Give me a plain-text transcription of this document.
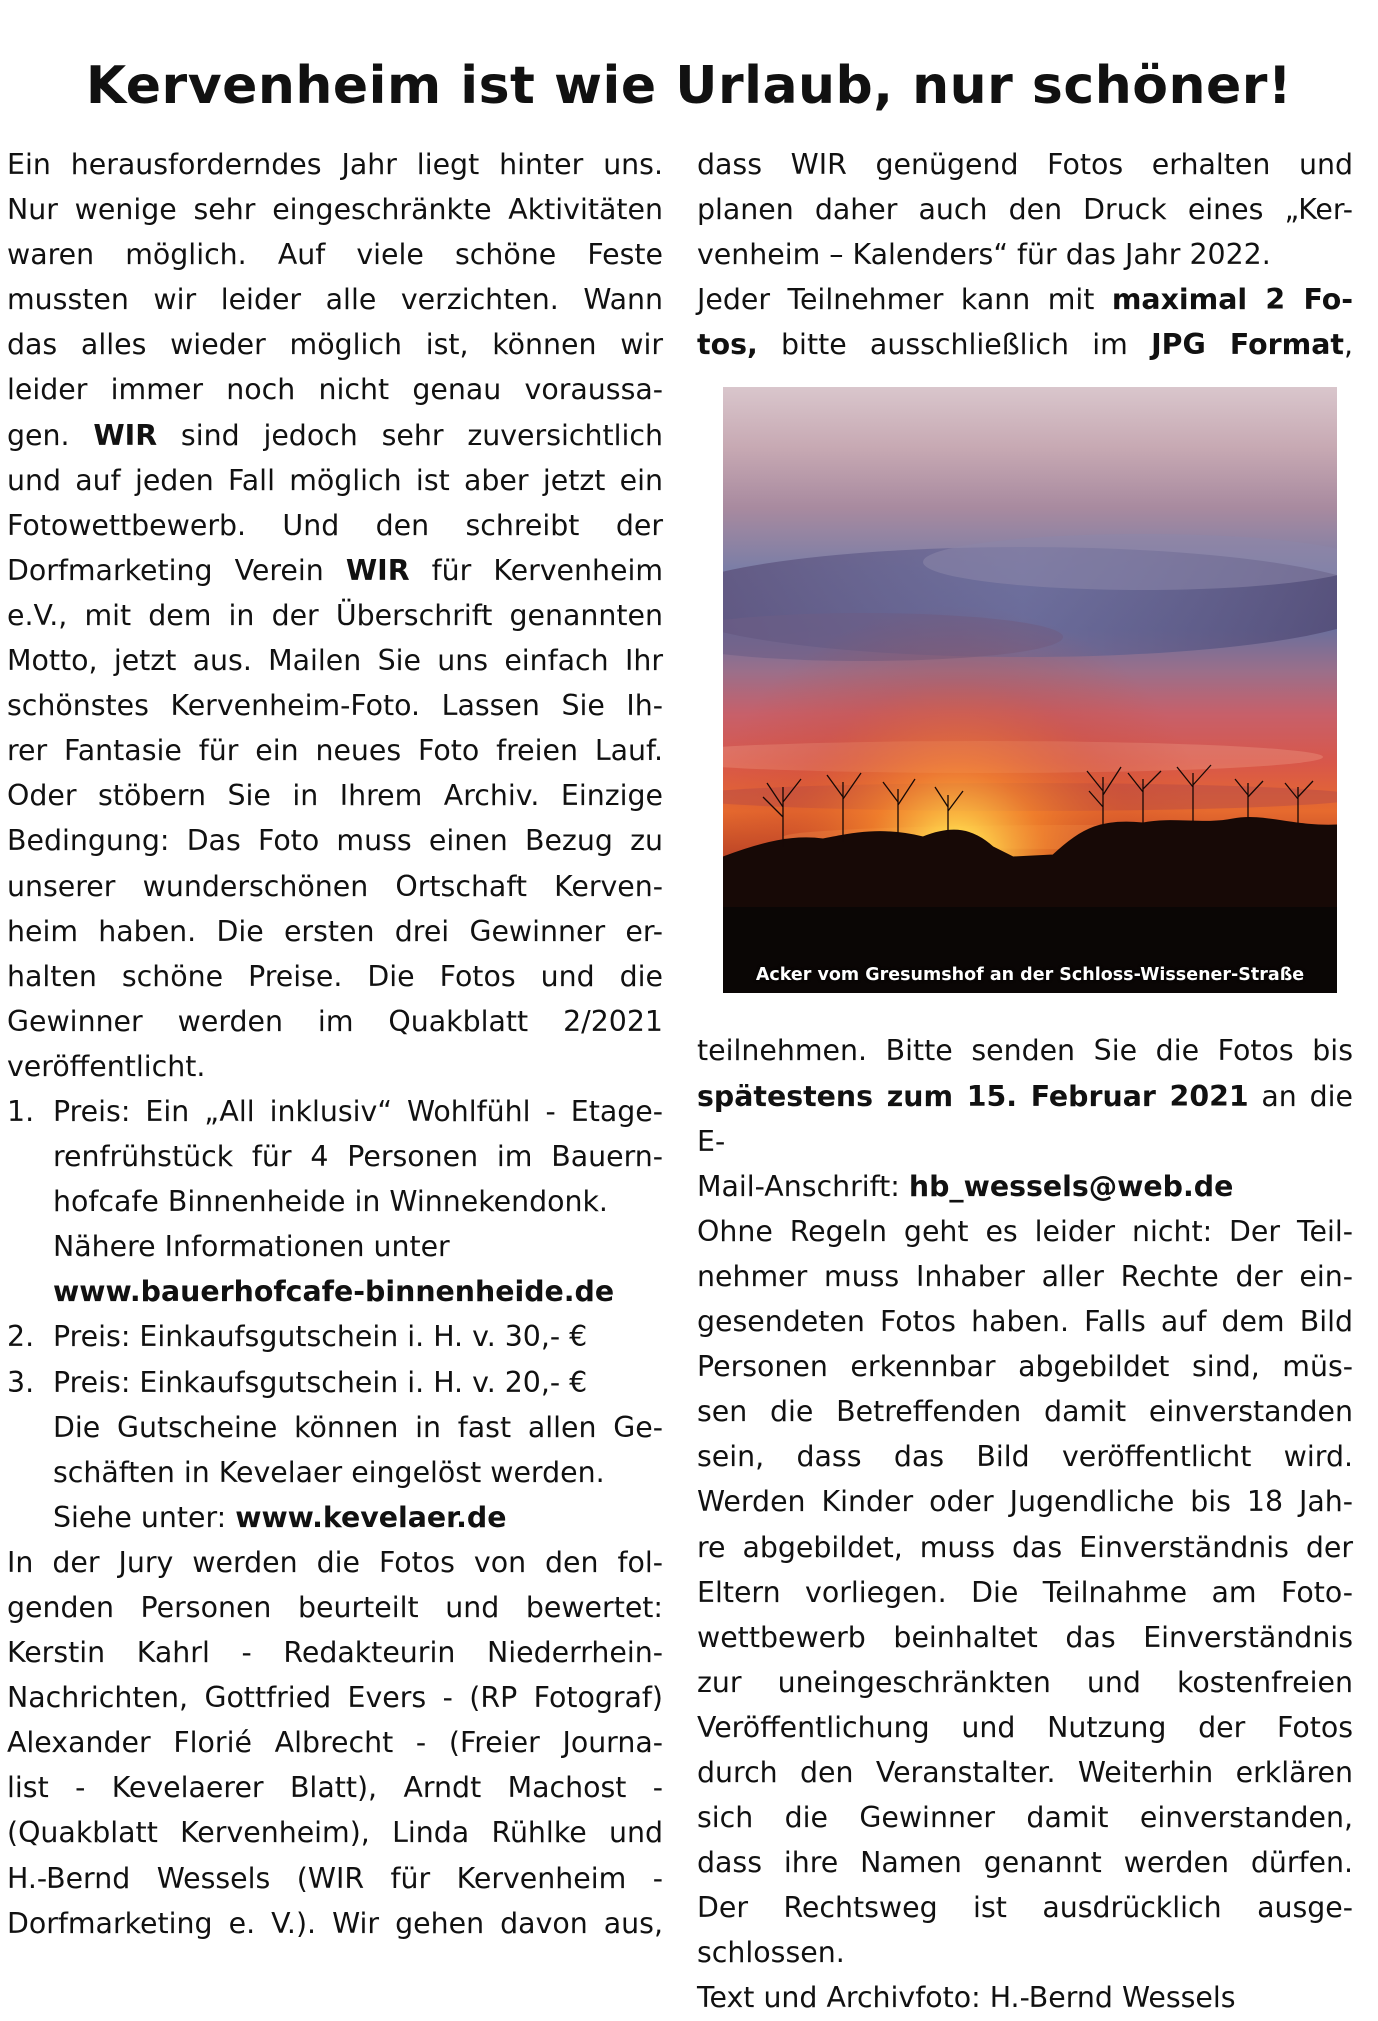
Kervenheim ist wie Urlaub, nur schöner!

Ein herausforderndes Jahr liegt hinter uns.

Nur wenige sehr eingeschränkte Aktivitäten

waren möglich. Auf viele schöne Feste

mussten wir leider alle verzichten. Wann

das alles wieder möglich ist, können wir

leider immer noch nicht genau voraussa-

gen. WIR sind jedoch sehr zuversichtlich

und auf jeden Fall möglich ist aber jetzt ein

Fotowettbewerb. Und den schreibt der

Dorfmarketing Verein WIR für Kervenheim

e.V., mit dem in der Überschrift genannten

Motto, jetzt aus. Mailen Sie uns einfach Ihr

schönstes Kervenheim-Foto. Lassen Sie Ih-

rer Fantasie für ein neues Foto freien Lauf.

Oder stöbern Sie in Ihrem Archiv. Einzige

Bedingung: Das Foto muss einen Bezug zu

unserer wunderschönen Ortschaft Kerven-

heim haben. Die ersten drei Gewinner er-

halten schöne Preise. Die Fotos und die

Gewinner werden im Quakblatt 2/2021

veröffentlicht.

1. Preis: Ein „All inklusiv“ Wohlfühl - Etage-

renfrühstück für 4 Personen im Bauern-

hofcafe Binnenheide in Winnekendonk.

Nähere Informationen unter

www.bauerhofcafe-binnenheide.de

2. Preis: Einkaufsgutschein i. H. v. 30,- €

3. Preis: Einkaufsgutschein i. H. v. 20,- €

Die Gutscheine können in fast allen Ge-

schäften in Kevelaer eingelöst werden.

Siehe unter: www.kevelaer.de

In der Jury werden die Fotos von den fol-

genden Personen beurteilt und bewertet:

Kerstin Kahrl - Redakteurin Niederrhein-

Nachrichten, Gottfried Evers - (RP Fotograf)

Alexander Florié Albrecht - (Freier Journa-

list - Kevelaerer Blatt), Arndt Machost -

(Quakblatt Kervenheim), Linda Rühlke und

H.-Bernd Wessels (WIR für Kervenheim -

Dorfmarketing e. V.). Wir gehen davon aus,

dass WIR genügend Fotos erhalten und

planen daher auch den Druck eines „Ker-

venheim – Kalenders“ für das Jahr 2022.

Jeder Teilnehmer kann mit maximal 2 Fo-

tos, bitte ausschließlich im JPG Format,

teilnehmen. Bitte senden Sie die Fotos bis

spätestens zum 15. Februar 2021 an die E-

Mail-Anschrift: hb_wessels@web.de

Ohne Regeln geht es leider nicht: Der Teil-

nehmer muss Inhaber aller Rechte der ein-

gesendeten Fotos haben. Falls auf dem Bild

Personen erkennbar abgebildet sind, müs-

sen die Betreffenden damit einverstanden

sein, dass das Bild veröffentlicht wird.

Werden Kinder oder Jugendliche bis 18 Jah-

re abgebildet, muss das Einverständnis der

Eltern vorliegen. Die Teilnahme am Foto-

wettbewerb beinhaltet das Einverständnis

zur uneingeschränkten und kostenfreien

Veröffentlichung und Nutzung der Fotos

durch den Veranstalter. Weiterhin erklären

sich die Gewinner damit einverstanden,

dass ihre Namen genannt werden dürfen.

Der Rechtsweg ist ausdrücklich ausge-

schlossen.

Text und Archivfoto: H.-Bernd Wessels

Acker vom Gresumshof an der Schloss-Wissener-Straße
